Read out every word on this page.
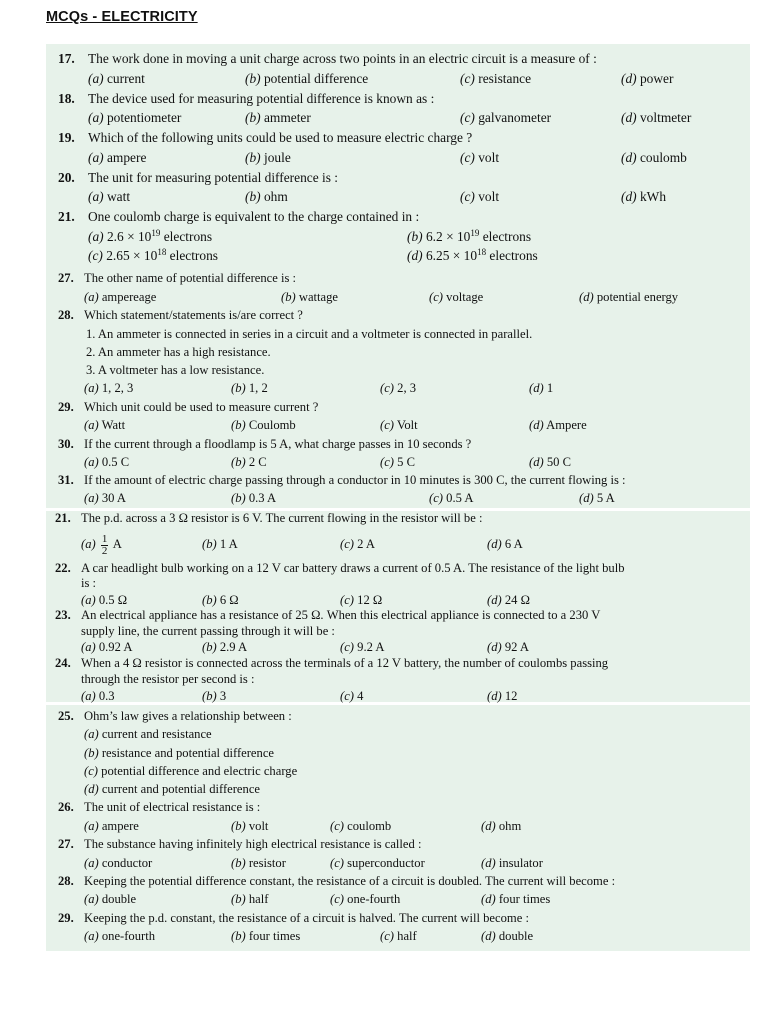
MCQs - ELECTRICITY
17. The work done in moving a unit charge across two points in an electric circuit is a measure of :
(a) current	(b) potential difference	(c) resistance	(d) power
18. The device used for measuring potential difference is known as :
(a) potentiometer	(b) ammeter	(c) galvanometer	(d) voltmeter
19. Which of the following units could be used to measure electric charge ?
(a) ampere	(b) joule	(c) volt	(d) coulomb
20. The unit for measuring potential difference is :
(a) watt	(b) ohm	(c) volt	(d) kWh
21. One coulomb charge is equivalent to the charge contained in :
(a) $2.6 \times 10^{19}$ electrons	(b) $6.2 \times 10^{19}$ electrons
(c) $2.65 \times 10^{18}$ electrons	(d) $6.25 \times 10^{18}$ electrons
27. The other name of potential difference is :
(a) ampereage	(b) wattage	(c) voltage	(d) potential energy
28. Which statement/statements is/are correct ?
1. An ammeter is connected in series in a circuit and a voltmeter is connected in parallel.
2. An ammeter has a high resistance.
3. A voltmeter has a low resistance.
(a) 1, 2, 3	(b) 1, 2	(c) 2, 3	(d) 1
29. Which unit could be used to measure current ?
(a) Watt	(b) Coulomb	(c) Volt	(d) Ampere
30. If the current through a floodlamp is 5 A, what charge passes in 10 seconds ?
(a) 0.5 C	(b) 2 C	(c) 5 C	(d) 50 C
31. If the amount of electric charge passing through a conductor in 10 minutes is 300 C, the current flowing is :
(a) 30 A	(b) 0.3 A	(c) 0.5 A	(d) 5 A
21. The p.d. across a 3 Ω resistor is 6 V. The current flowing in the resistor will be :
$(a) \frac{1}{2}$ A	(b) 1 A	(c) 2 A	(d) 6 A
22. A car headlight bulb working on a 12 V car battery draws a current of 0.5 A. The resistance of the light bulb
is :
(a) 0.5 Ω	(b) 6 Ω	(c) 12 Ω	(d) 24 Ω
23. An electrical appliance has a resistance of 25 Ω. When this electrical appliance is connected to a 230 V
supply line, the current passing through it will be :
(a) 0.92 A	(b) 2.9 A	(c) 9.2 A	(d) 92 A
24. When a 4 Ω resistor is connected across the terminals of a 12 V battery, the number of coulombs passing
through the resistor per second is :
(a) 0.3	(b) 3	(c) 4	(d) 12
25. Ohm’s law gives a relationship between :
(a) current and resistance
(b) resistance and potential difference
(c) potential difference and electric charge
(d) current and potential difference
26. The unit of electrical resistance is :
(a) ampere	(b) volt	(c) coulomb	(d) ohm
27. The substance having infinitely high electrical resistance is called :
(a) conductor	(b) resistor	(c) superconductor	(d) insulator
28. Keeping the potential difference constant, the resistance of a circuit is doubled. The current will become :
(a) double	(b) half	(c) one-fourth	(d) four times
29. Keeping the p.d. constant, the resistance of a circuit is halved. The current will become :
(a) one-fourth	(b) four times	(c) half	(d) double
